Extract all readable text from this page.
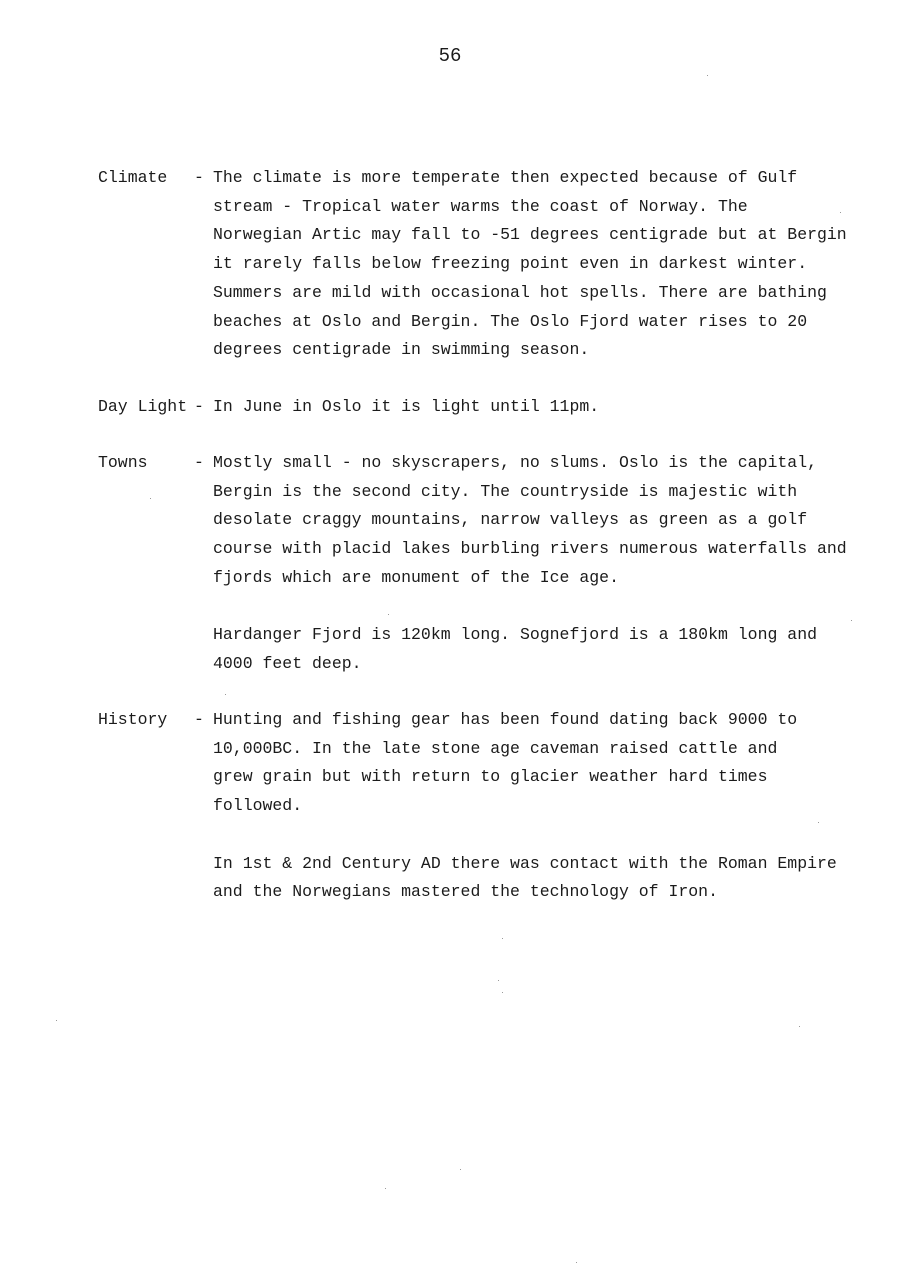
56
Climate	- The climate is more temperate then expected because of Gulf
stream - Tropical water warms the coast of Norway. The
Norwegian Artic may fall to -51 degrees centigrade but at Bergin
it rarely falls below freezing point even in darkest winter.
Summers are mild with occasional hot spells. There are bathing
beaches at Oslo and Bergin. The Oslo Fjord water rises to 20
degrees centigrade in swimming season.

Day Light - In June in Oslo it is light until 11pm.

Towns	- Mostly small - no skyscrapers, no slums. Oslo is the capital,
Bergin is the second city. The countryside is majestic with
desolate craggy mountains, narrow valleys as green as a golf
course with placid lakes burbling rivers numerous waterfalls and
fjords which are monument of the Ice age.

Hardanger Fjord is 120km long. Sognefjord is a 180km long and
4000 feet deep.

History	- Hunting and fishing gear has been found dating back 9000 to
10,000BC. In the late stone age caveman raised cattle and
grew grain but with return to glacier weather hard times
followed.

In 1st & 2nd Century AD there was contact with the Roman Empire
and the Norwegians mastered the technology of Iron.
